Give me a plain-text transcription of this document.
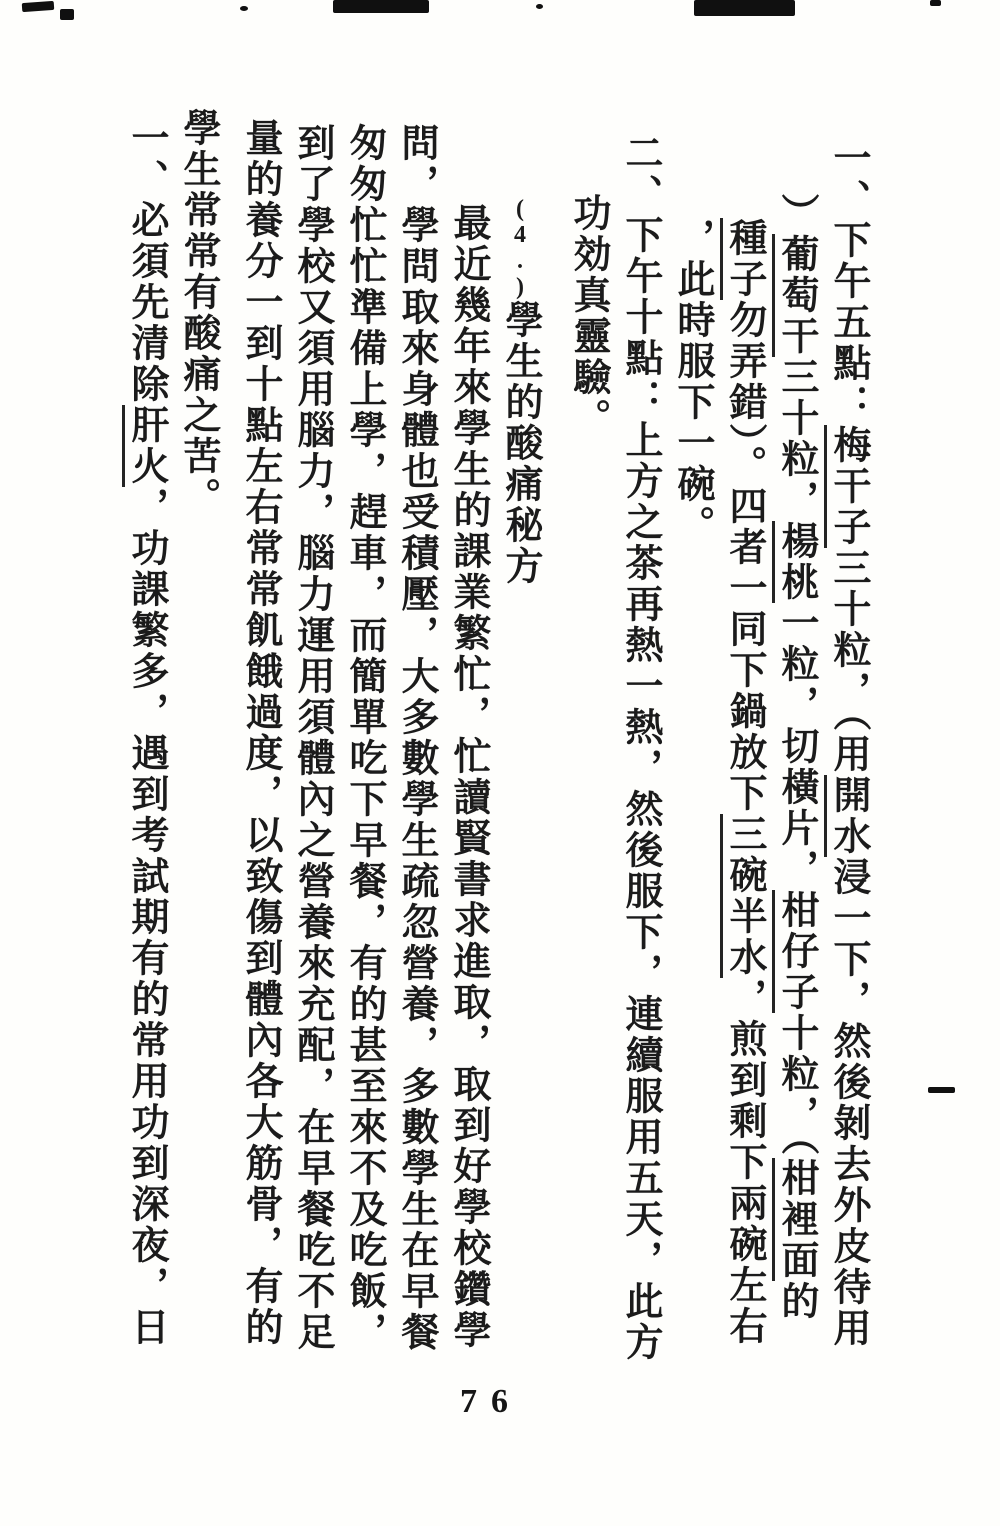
一、下午五點：梅干子三十粒，（用開水浸一下，然後剝去外皮待用
）葡萄干三十粒，楊桃一粒，切橫片，柑仔子十粒，（柑裡面的
種子勿弄錯）。四者一同下鍋放下三碗半水，煎到剩下兩碗左右
，此時服下一碗。
二、下午十點：上方之茶再熱一熱，然後服下，連續服用五天，此方
功効真靈驗。
(4.)學生的酸痛秘方
最近幾年來學生的課業繁忙，忙讀賢書求進取，取到好學校鑽學
問，學問取來身體也受積壓，大多數學生疏忽營養，多數學生在早餐
匆匆忙忙準備上學，趕車，而簡單吃下早餐，有的甚至來不及吃飯，
到了學校又須用腦力，腦力運用須體內之營養來充配，在早餐吃不足
量的養分一到十點左右常常飢餓過度，以致傷到體內各大筋骨，有的
學生常常有酸痛之苦。
一、必須先清除肝火，功課繁多，遇到考試期有的常用功到深夜，日
76
